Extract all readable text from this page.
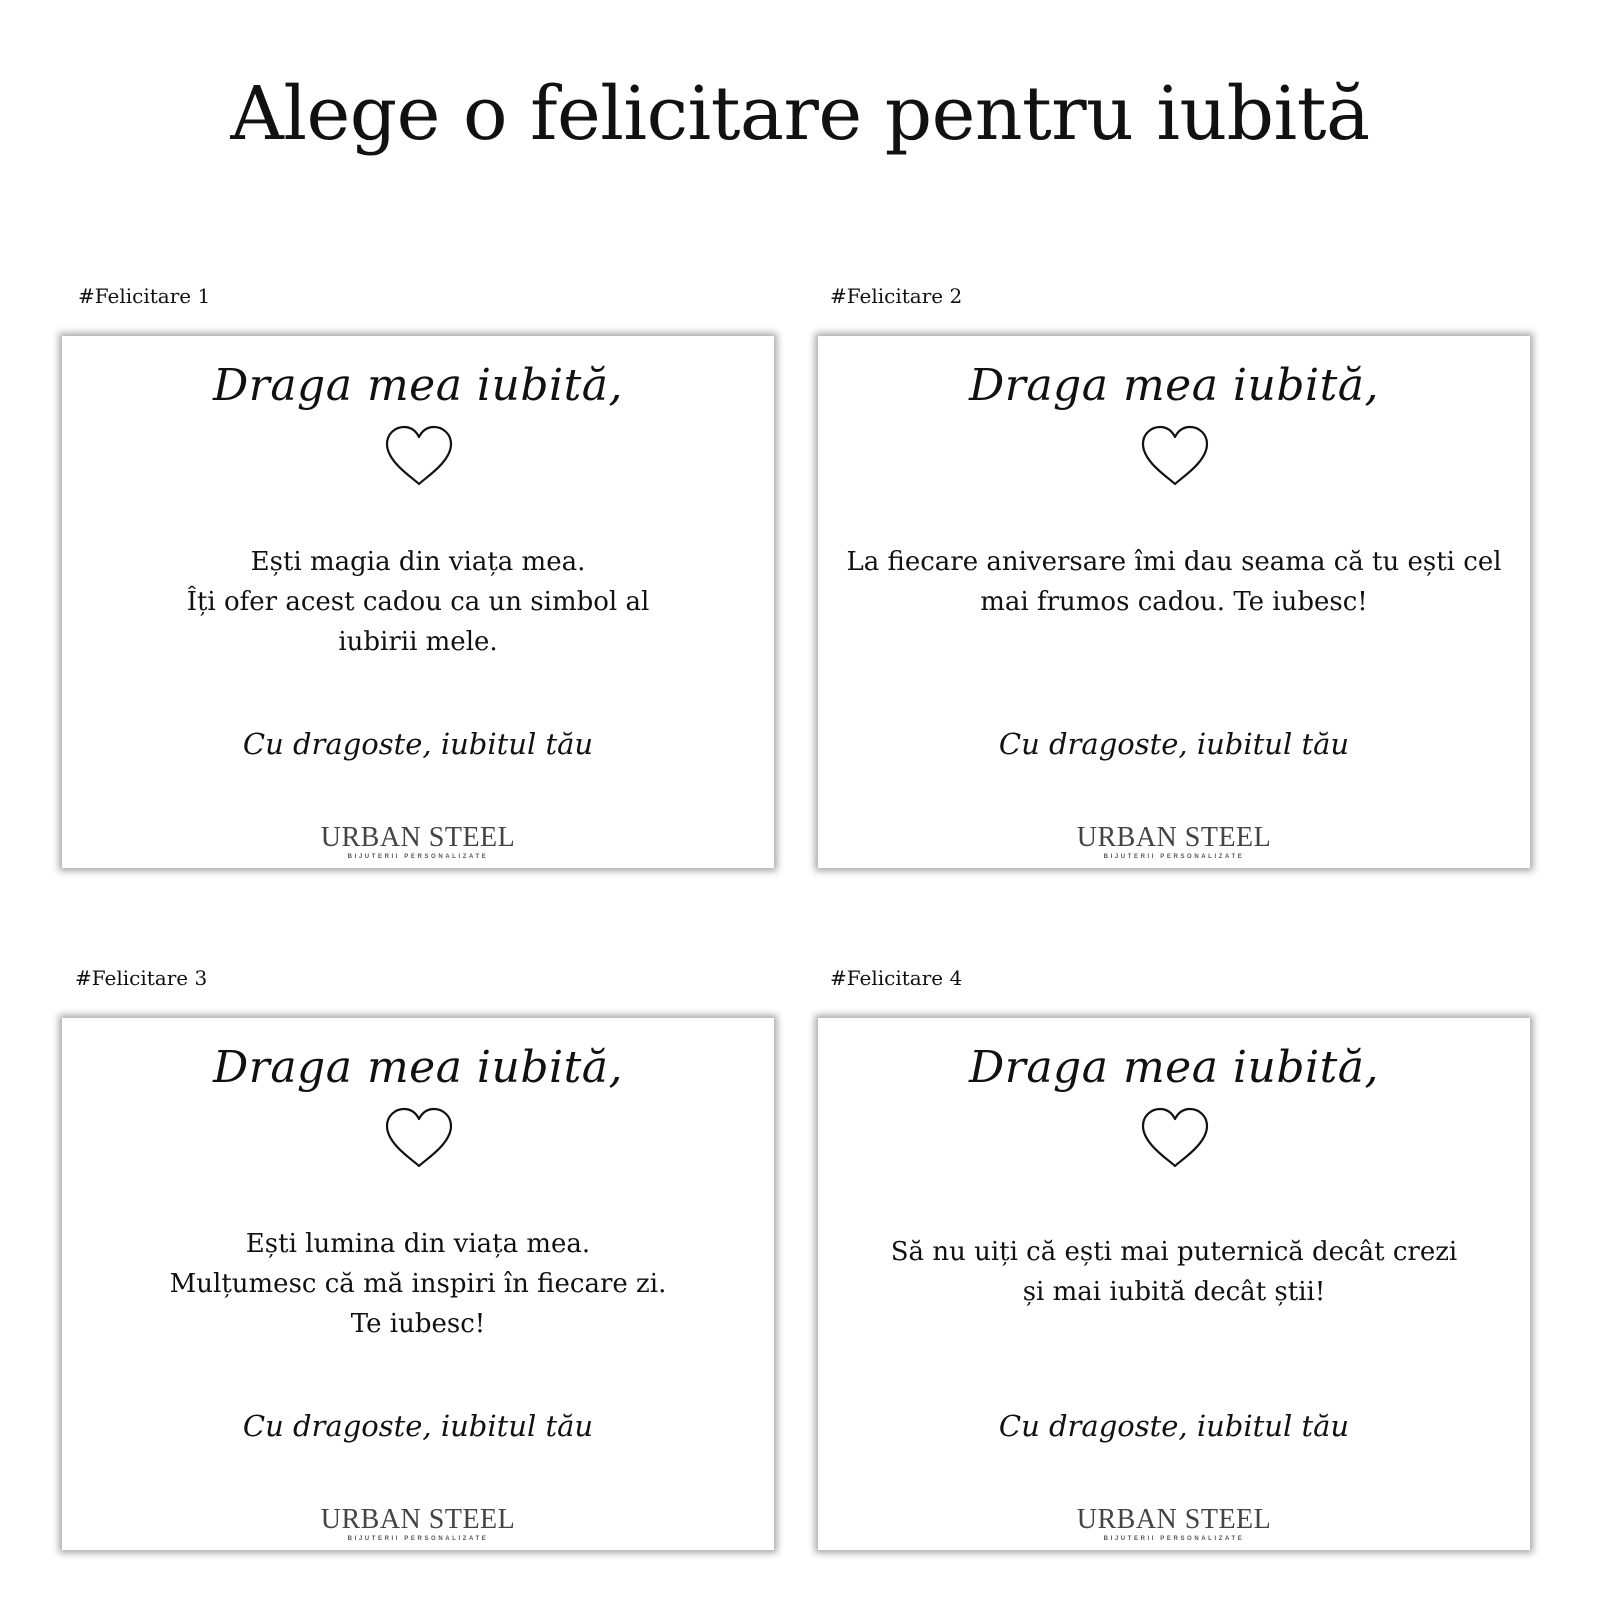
Alege o felicitare pentru iubită
#Felicitare 1
Draga mea iubită,
Ești magia din viața mea.
Îți ofer acest cadou ca un simbol al
iubirii mele.
Cu dragoste, iubitul tău
URBAN STEEL
BIJUTERII PERSONALIZATE
#Felicitare 2
Draga mea iubită,
La fiecare aniversare îmi dau seama că tu ești cel
mai frumos cadou. Te iubesc!
Cu dragoste, iubitul tău
URBAN STEEL
BIJUTERII PERSONALIZATE
#Felicitare 3
Draga mea iubită,
Ești lumina din viața mea.
Mulțumesc că mă inspiri în fiecare zi.
Te iubesc!
Cu dragoste, iubitul tău
URBAN STEEL
BIJUTERII PERSONALIZATE
#Felicitare 4
Draga mea iubită,
Să nu uiți că ești mai puternică decât crezi
și mai iubită decât știi!
Cu dragoste, iubitul tău
URBAN STEEL
BIJUTERII PERSONALIZATE
